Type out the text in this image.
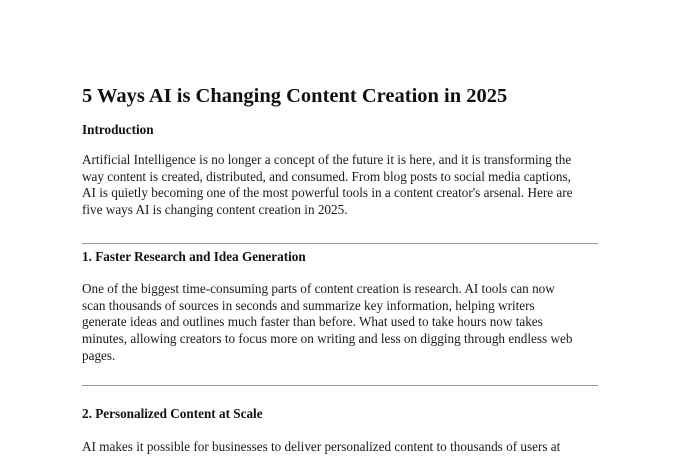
5 Ways AI is Changing Content Creation in 2025
Introduction
Artificial Intelligence is no longer a concept of the future it is here, and it is transforming the
way content is created, distributed, and consumed. From blog posts to social media captions,
AI is quietly becoming one of the most powerful tools in a content creator's arsenal. Here are
five ways AI is changing content creation in 2025.
1. Faster Research and Idea Generation
One of the biggest time-consuming parts of content creation is research. AI tools can now
scan thousands of sources in seconds and summarize key information, helping writers
generate ideas and outlines much faster than before. What used to take hours now takes
minutes, allowing creators to focus more on writing and less on digging through endless web
pages.
2. Personalized Content at Scale
AI makes it possible for businesses to deliver personalized content to thousands of users at
